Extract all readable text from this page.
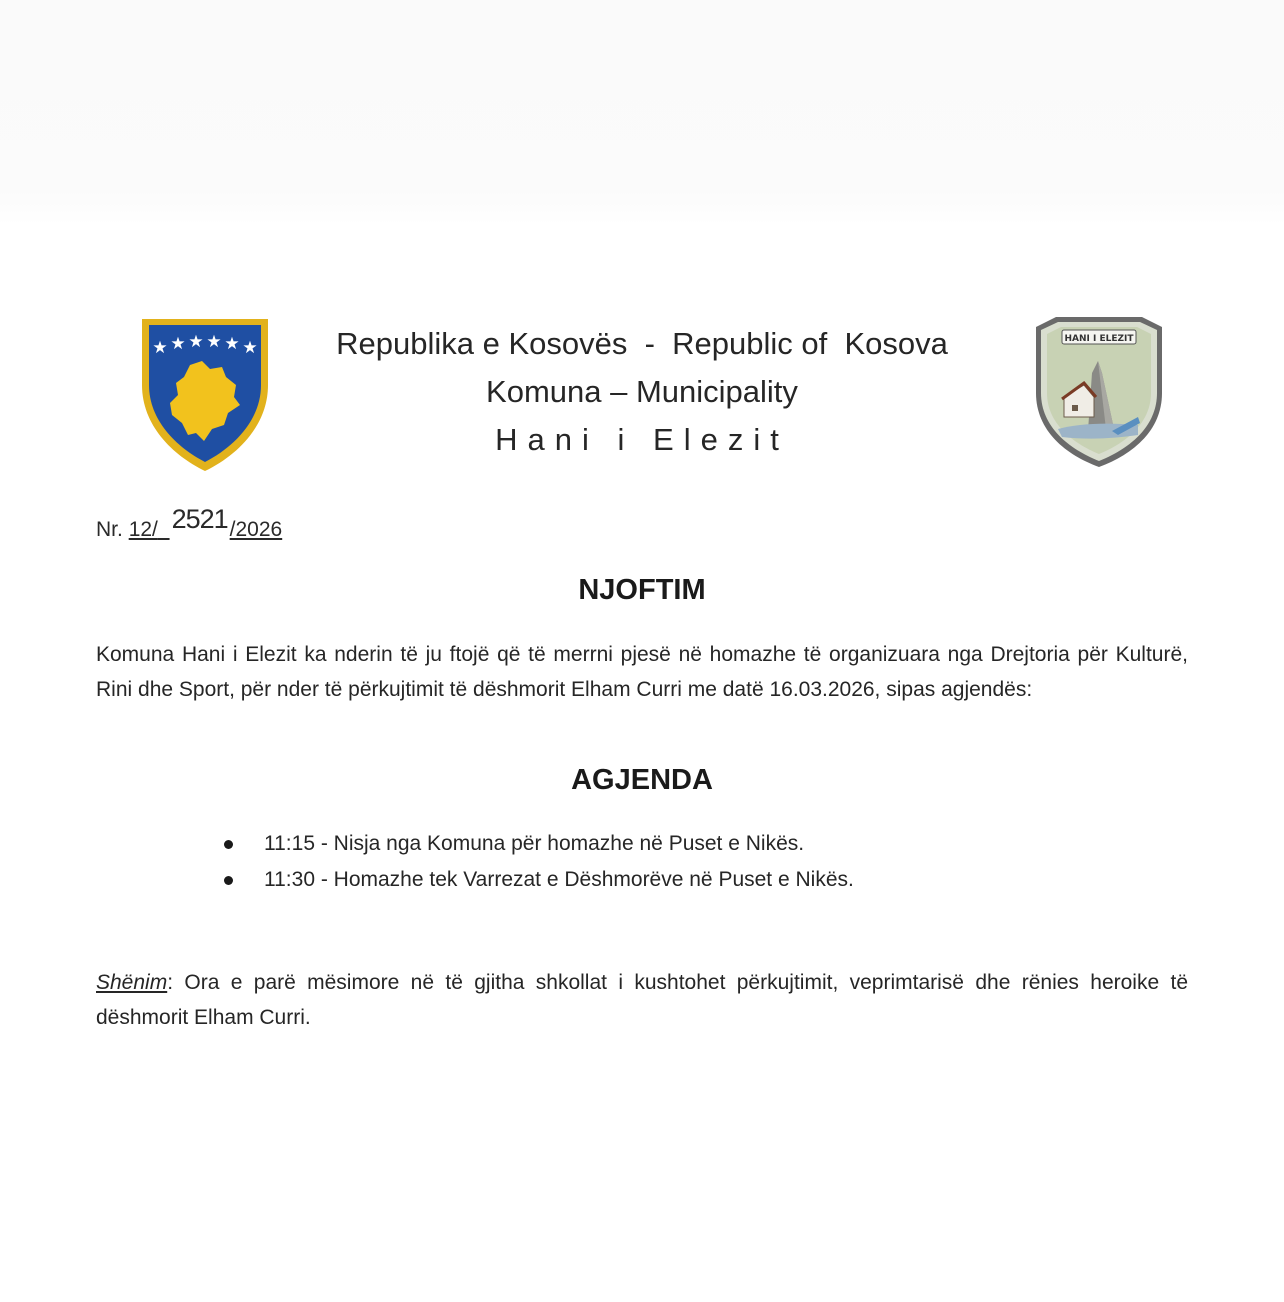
★ ★ ★ ★ ★ ★	Republika e Kosovës  -  Republic of  Kosova
Komuna – Municipality
Hani i Elezit
HANI I ELEZIT
Nr. 12/ 2521/2026
NJOFTIM
Komuna Hani i Elezit ka nderin të ju ftojë që të merrni pjesë në homazhe të organizuara nga Drejtoria për Kulturë, Rini dhe Sport, për nder të përkujtimit të dëshmorit Elham Curri me datë 16.03.2026, sipas agjendës:
AGJENDA
11:15 - Nisja nga Komuna për homazhe në Puset e Nikës.
11:30 - Homazhe tek Varrezat e Dëshmorëve në Puset e Nikës.
Shënim: Ora e parë mësimore në të gjitha shkollat i kushtohet përkujtimit, veprimtarisë dhe rënies heroike të dëshmorit Elham Curri.
